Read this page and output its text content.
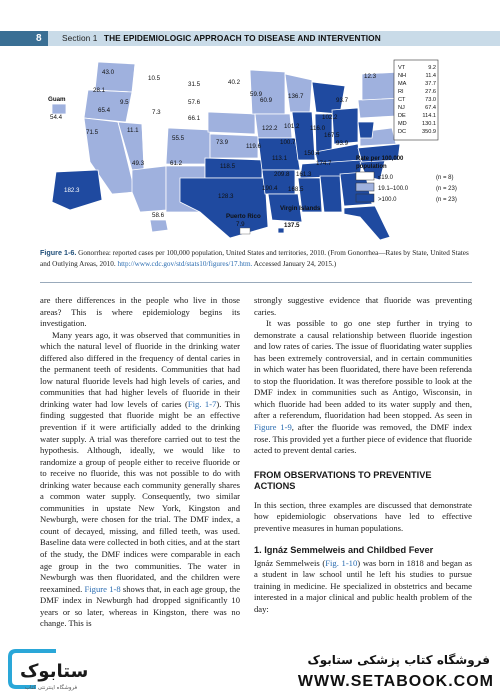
8	Section 1 THE EPIDEMIOLOGIC APPROACH TO DISEASE AND INTERVENTION
43.0
28.1
65.4
71.5
10.5
9.5
11.1
7.3
31.5
57.6
66.1
55.5
49.3	61.2
73.9
118.5
128.3
40.2
59.9
60.9
122.2
136.7
101.2
119.6
100.7
150.4
113.1
209.8
190.4
161.3
168.5
174.7
93.7
102.2
167.5
93.9
12.3
116.0
182.3
58.6
Guam
54.4
Puerto Rico
7.9
Virgin Islands
137.5
VT	9.2
NH	11.4
MA	37.7
RI	27.6
CT	73.0
NJ	67.4
DE	114.1
MD	130.1
DC	350.9
Rate per 100,000
population
≤19.0	(n = 8)
19.1–100.0	(n = 23)
>100.0	(n = 23)
Figure 1-6. Gonorrhea: reported cases per 100,000 population, United States and territories, 2010. (From Gonorrhea—Rates by State, United States and Outlying Areas, 2010. http://www.cdc.gov/std/stats10/figures/17.htm. Accessed January 24, 2015.)

are there differences in the people who live in those areas? This is where epidemiology begins its investigation.

Many years ago, it was observed that communities in which the natural level of fluoride in the drinking water differed also differed in the frequency of dental caries in the permanent teeth of residents. Communities that had low natural fluoride levels had high levels of caries, and communities that had higher levels of fluoride in their drinking water had low levels of caries (Fig. 1-7). This finding suggested that fluoride might be an effective prevention if it were artificially added to the drinking water supply. A trial was therefore carried out to test the hypothesis. Although, ideally, we would like to randomize a group of people either to receive fluoride or to receive no fluoride, this was not possible to do with drinking water because each community generally shares a common water supply. Consequently, two similar communities in upstate New York, Kingston and Newburgh, were chosen for the trial. The DMF index, a count of decayed, missing, and filled teeth, was used. Baseline data were collected in both cities, and at the start of the study, the DMF indices were comparable in each age group in the two communities. The water in Newburgh was then fluoridated, and the children were reexamined. Figure 1-8 shows that, in each age group, the DMF index in Newburgh had dropped significantly 10 years or so later, whereas in Kingston, there was no change. This is

strongly suggestive evidence that fluoride was preventing caries.

It was possible to go one step further in trying to demonstrate a causal relationship between fluoride ingestion and low rates of caries. The issue of fluoridating water supplies has been extremely controversial, and in certain communities in which water has been fluoridated, there have been referenda to stop the fluoridation. It was therefore possible to look at the DMF index in communities such as Antigo, Wisconsin, in which fluoride had been added to its water supply and then, after a referendum, fluoridation had been stopped. As seen in Figure 1-9, after the fluoride was removed, the DMF index rose. This provided yet a further piece of evidence that fluoride acted to prevent dental caries.

FROM OBSERVATIONS TO PREVENTIVE ACTIONS

In this section, three examples are discussed that demonstrate how epidemiologic observations have led to effective preventive measures in human populations.

1. Ignáz Semmelweis and Childbed Fever

Ignáz Semmelweis (Fig. 1-10) was born in 1818 and began as a student in law school until he left his studies to pursue training in medicine. He specialized in obstetrics and became interested in a major clinical and public health problem of the day:

ستابوک
فروشگاه اینترنتی کتاب
فروشگاه کتاب پزشکی ستابوک
WWW.SETABOOK.COM
